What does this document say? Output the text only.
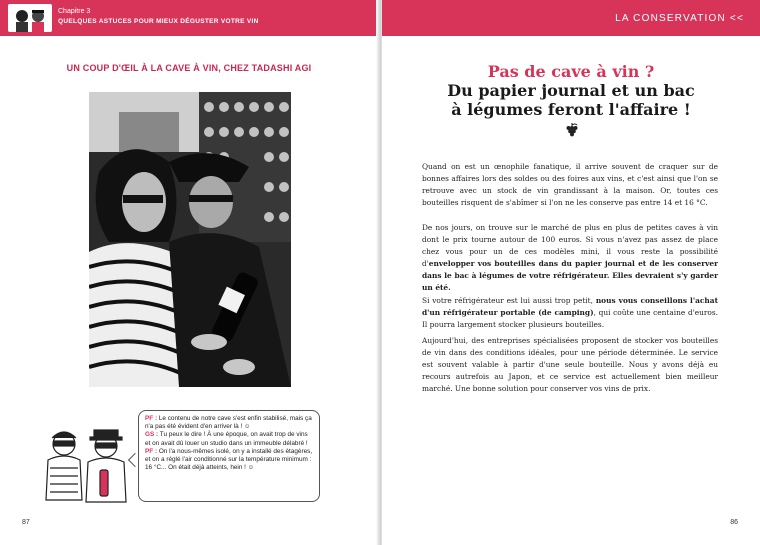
Chapitre 3
QUELQUES ASTUCES POUR MIEUX DÉGUSTER VOTRE VIN
UN COUP D'ŒIL À LA CAVE À VIN, CHEZ TADASHI AGI
PF : Le contenu de notre cave s'est enfin stabilisé, mais ça n'a pas été évident d'en arriver là ! ☺
GS : Tu peux le dire ! À une époque, on avait trop de vins et on avait dû louer un studio dans un immeuble délabré !
PF : On l'a nous-mêmes isolé, on y a installé des étagères, et on a réglé l'air conditionné sur la température minimum : 16 °C... On était déjà atteints, hein ! ☺
87
LA CONSERVATION <<
Pas de cave à vin ?
Du papier journal et un bac
à légumes feront l'affaire !
Quand on est un œnophile fanatique, il arrive souvent de craquer sur de bonnes affaires lors des soldes ou des foires aux vins, et c'est ainsi que l'on se retrouve avec un stock de vin grandissant à la maison. Or, toutes ces bouteilles risquent de s'abîmer si l'on ne les conserve pas entre 14 et 16 °C.
De nos jours, on trouve sur le marché de plus en plus de petites caves à vin dont le prix tourne autour de 100 euros. Si vous n'avez pas assez de place chez vous pour un de ces modèles mini, il vous reste la possibilité d'envelopper vos bouteilles dans du papier journal et de les conserver dans le bac à légumes de votre réfrigérateur. Elles devraient s'y garder un été.
Si votre réfrigérateur est lui aussi trop petit, nous vous conseillons l'achat d'un réfrigérateur portable (de camping), qui coûte une centaine d'euros. Il pourra largement stocker plusieurs bouteilles.
Aujourd'hui, des entreprises spécialisées proposent de stocker vos bouteilles de vin dans des conditions idéales, pour une période déterminée. Le service est souvent valable à partir d'une seule bouteille. Nous y avons déjà eu recours autrefois au Japon, et ce service est actuellement bien meilleur marché. Une bonne solution pour conserver vos vins de prix.
86
